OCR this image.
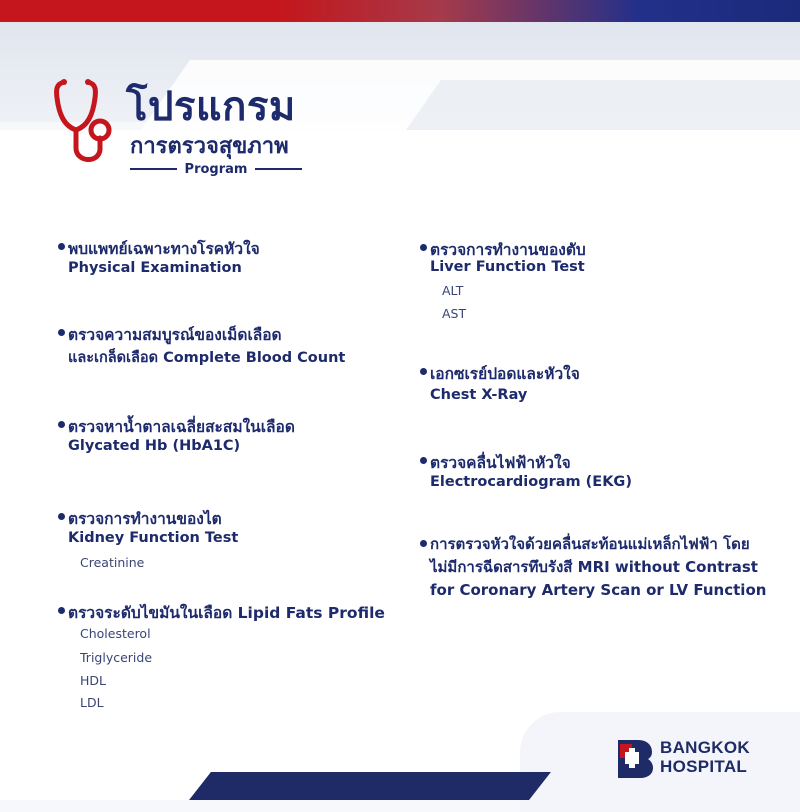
โปรแกรม
การตรวจสุขภาพ
Program
พบแพทย์เฉพาะทางโรคหัวใจ
Physical Examination
ตรวจความสมบูรณ์ของเม็ดเลือด
และเกล็ดเลือด Complete Blood Count
ตรวจหาน้ำตาลเฉลี่ยสะสมในเลือด
Glycated Hb (HbA1C)
ตรวจการทำงานของไต
Kidney Function Test
Creatinine
ตรวจระดับไขมันในเลือด Lipid Fats Profile
Cholesterol
Triglyceride
HDL
LDL
ตรวจการทำงานของตับ
Liver Function Test
ALT
AST
เอกซเรย์ปอดและหัวใจ
Chest X-Ray
ตรวจคลื่นไฟฟ้าหัวใจ
Electrocardiogram (EKG)
การตรวจหัวใจด้วยคลื่นสะท้อนแม่เหล็กไฟฟ้า โดยไม่มีการฉีดสารทึบรังสี MRI without Contrast for Coronary Artery Scan or LV Function
BANGKOK
HOSPITAL
